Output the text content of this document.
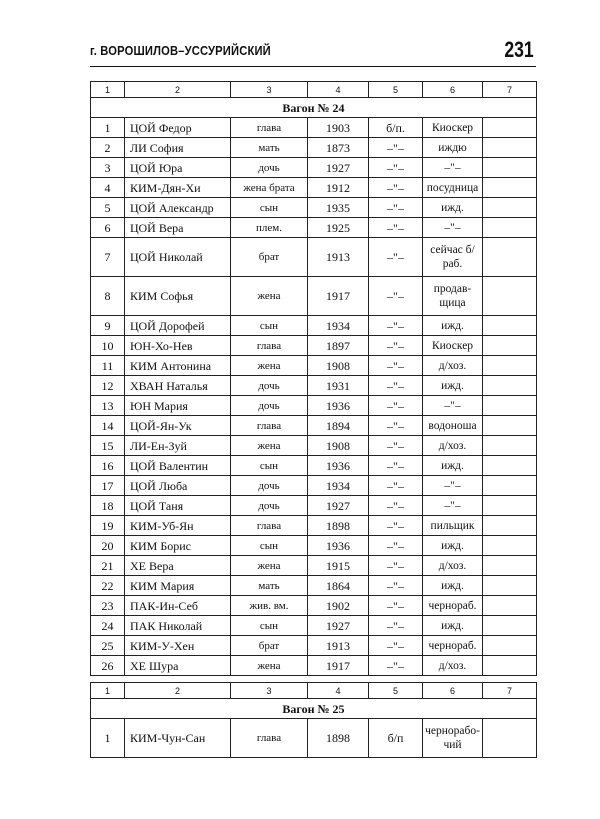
г. ВОРОШИЛОВ–УССУРИЙСКИЙ	231
1	2	3	4	5	6	7
Вагон № 24						
1	ЦОЙ Федор	глава	1903	б/п.	Киоскер	
2	ЛИ София	мать	1873	–"–	иждю	
3	ЦОЙ Юра	дочь	1927	–"–	–"–	
4	КИМ-Дян-Хи	жена брата	1912	–"–	посудница	
5	ЦОЙ Александр	сын	1935	–"–	ижд.	
6	ЦОЙ Вера	плем.	1925	–"–	–"–	
7	ЦОЙ Николай	брат	1913	–"–	сейчас б/раб.	
8	КИМ Софья	жена	1917	–"–	продав-щица	
9	ЦОЙ Дорофей	сын	1934	–"–	ижд.	
10	ЮН-Хо-Нев	глава	1897	–"–	Киоскер	
11	КИМ Антонина	жена	1908	–"–	д/хоз.	
12	ХВАН Наталья	дочь	1931	–"–	ижд.	
13	ЮН Мария	дочь	1936	–"–	–"–	
14	ЦОЙ-Ян-Ук	глава	1894	–"–	водоноша	
15	ЛИ-Ен-Зуй	жена	1908	–"–	д/хоз.	
16	ЦОЙ Валентин	сын	1936	–"–	ижд.	
17	ЦОЙ Люба	дочь	1934	–"–	–"–	
18	ЦОЙ Таня	дочь	1927	–"–	–"–	
19	КИМ-Уб-Ян	глава	1898	–"–	пильщик	
20	КИМ Борис	сын	1936	–"–	ижд.	
21	ХЕ Вера	жена	1915	–"–	д/хоз.	
22	КИМ Мария	мать	1864	–"–	ижд.	
23	ПАК-Ин-Себ	жив. вм.	1902	–"–	чернораб.	
24	ПАК Николай	сын	1927	–"–	ижд.	
25	КИМ-У-Хен	брат	1913	–"–	чернораб.	
26	ХЕ Шура	жена	1917	–"–	д/хоз.	
1	2	3	4	5	6	7
Вагон № 25						
1	КИМ-Чун-Сан	глава	1898	б/п	чернорабо-чий	
